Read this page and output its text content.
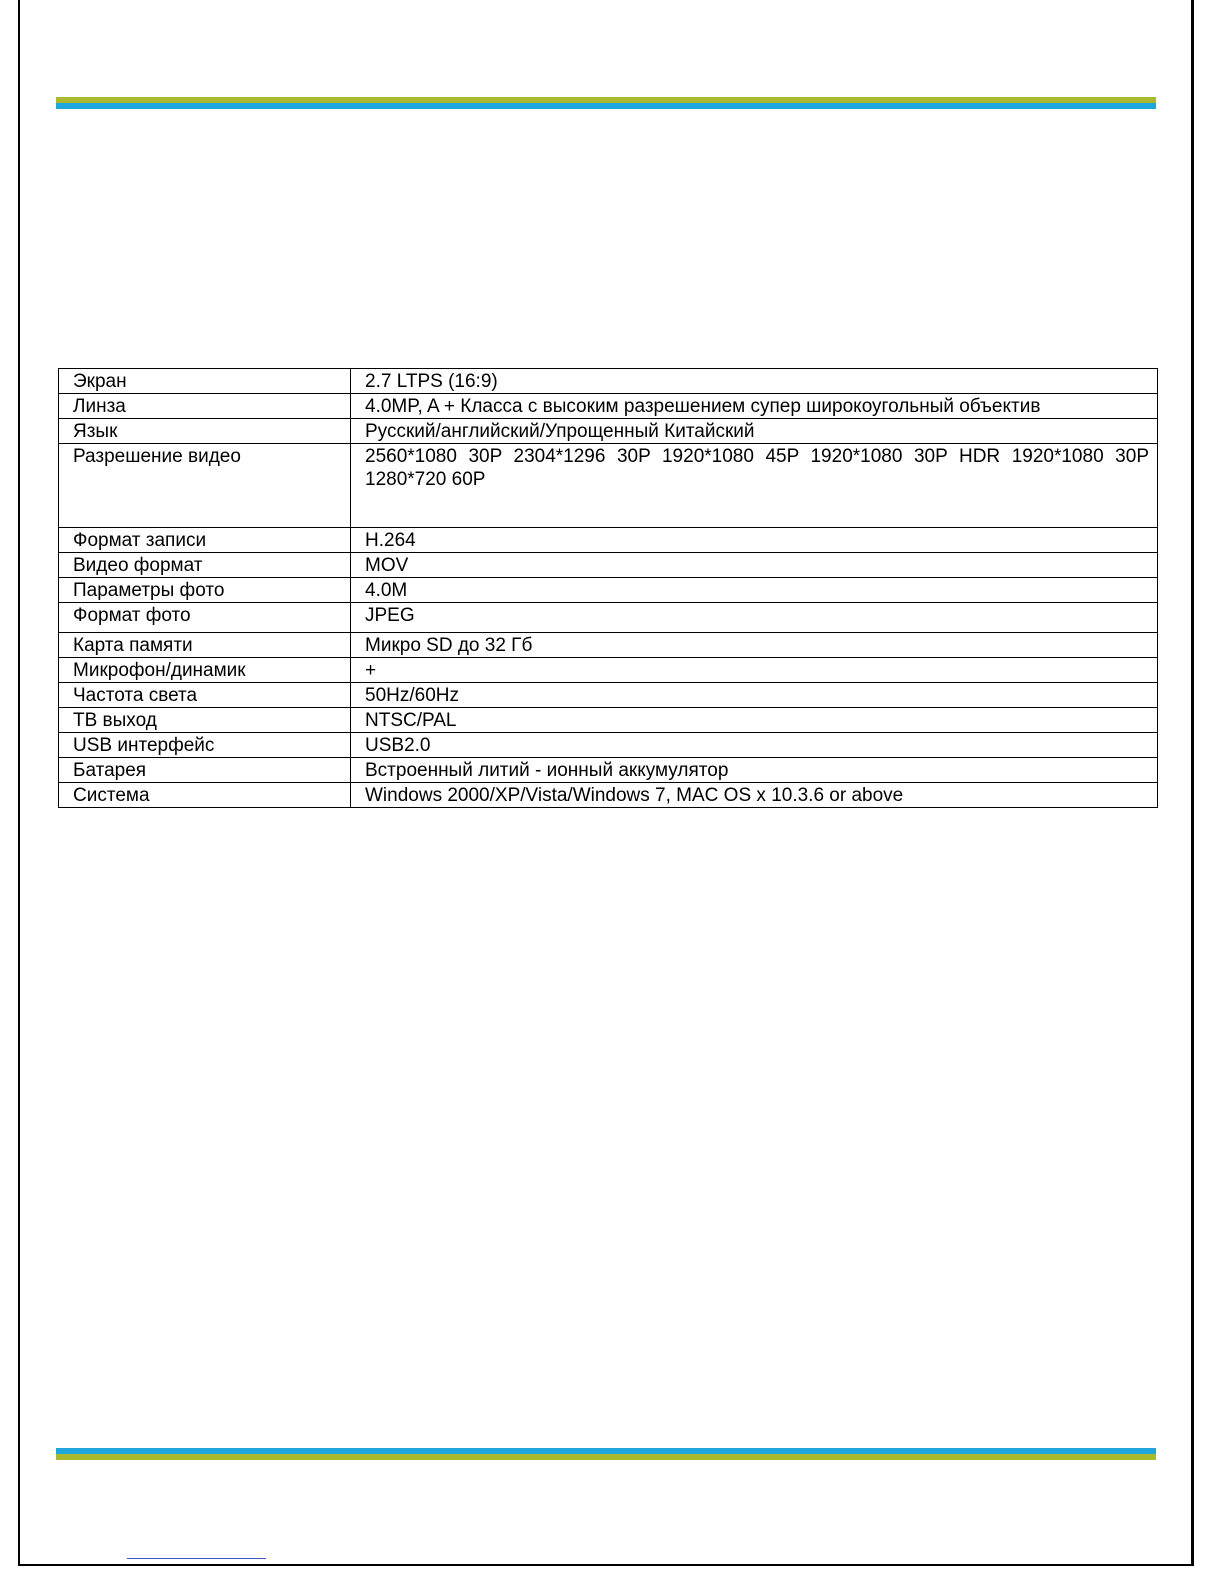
Экран	2.7 LTPS (16:9)
Линза	4.0MP, A + Класса с высоким разрешением супер широкоугольный объектив
Язык	Русский/английский/Упрощенный Китайский
Разрешение видео	2560*1080 30P 2304*1296 30P 1920*1080 45P 1920*1080 30P HDR 1920*1080 30P 1280*720 60P
Формат записи	H.264
Видео формат	MOV
Параметры фото	4.0M
Формат фото	JPEG
Карта памяти	Микро SD до 32 Гб
Микрофон/динамик	+
Частота света	50Hz/60Hz
ТВ выход	NTSC/PAL
USB интерфейс	USB2.0
Батарея	Встроенный литий - ионный аккумулятор
Система	Windows 2000/XP/Vista/Windows 7, MAC OS x 10.3.6 or above
